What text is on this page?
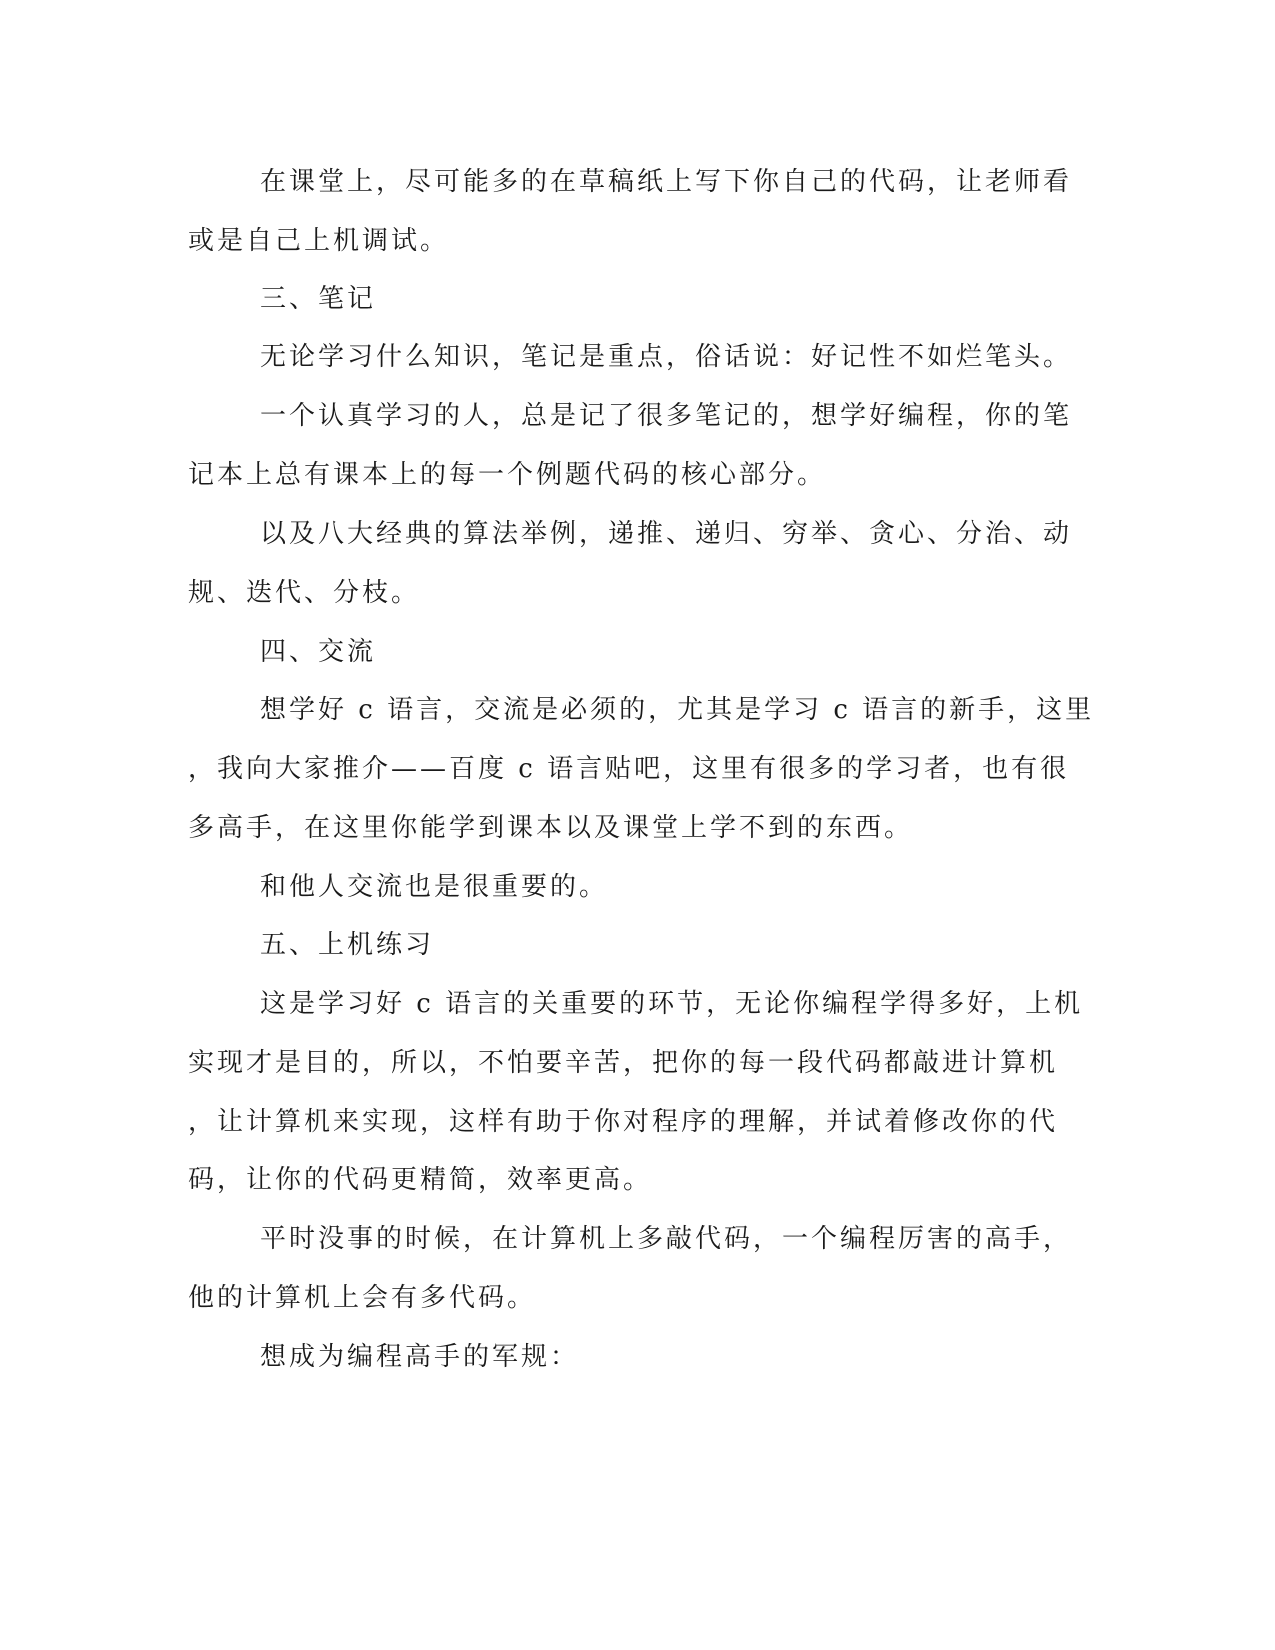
在课堂上，尽可能多的在草稿纸上写下你自己的代码，让老师看
或是自己上机调试。
三、笔记
无论学习什么知识，笔记是重点，俗话说：好记性不如烂笔头。
一个认真学习的人，总是记了很多笔记的，想学好编程，你的笔
记本上总有课本上的每一个例题代码的核心部分。
以及八大经典的算法举例，递推、递归、穷举、贪心、分治、动
规、迭代、分枝。
四、交流
想学好 c 语言，交流是必须的，尤其是学习 c 语言的新手，这里
，我向大家推介——百度 c 语言贴吧，这里有很多的学习者，也有很
多高手，在这里你能学到课本以及课堂上学不到的东西。
和他人交流也是很重要的。
五、上机练习
这是学习好 c 语言的关重要的环节，无论你编程学得多好，上机
实现才是目的，所以，不怕要辛苦，把你的每一段代码都敲进计算机
，让计算机来实现，这样有助于你对程序的理解，并试着修改你的代
码，让你的代码更精简，效率更高。
平时没事的时候，在计算机上多敲代码，一个编程厉害的高手，
他的计算机上会有多代码。
想成为编程高手的军规：
